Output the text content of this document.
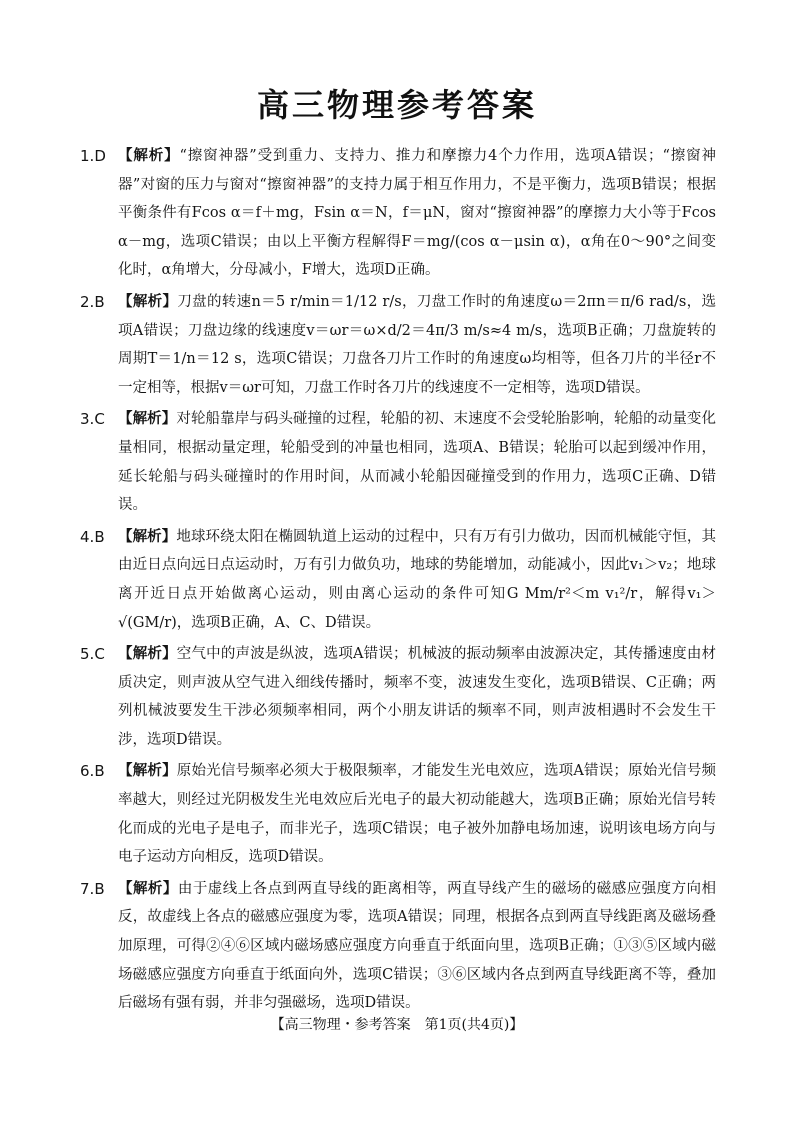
高三物理参考答案
1.D 【解析】“擦窗神器”受到重力、支持力、推力和摩擦力4个力作用，选项A错误；“擦窗神器”对窗的压力与窗对“擦窗神器”的支持力属于相互作用力，不是平衡力，选项B错误；根据平衡条件有Fcos α＝f＋mg，Fsin α＝N，f＝μN，窗对“擦窗神器”的摩擦力大小等于Fcos α－mg，选项C错误；由以上平衡方程解得F＝mg/(cos α－μsin α)，α角在0～90°之间变化时，α角增大，分母减小，F增大，选项D正确。
2.B 【解析】刀盘的转速n＝5 r/min＝1/12 r/s，刀盘工作时的角速度ω＝2πn＝π/6 rad/s，选项A错误；刀盘边缘的线速度v＝ωr＝ω×d/2＝4π/3 m/s≈4 m/s，选项B正确；刀盘旋转的周期T＝1/n＝12 s，选项C错误；刀盘各刀片工作时的角速度ω均相等，但各刀片的半径r不一定相等，根据v＝ωr可知，刀盘工作时各刀片的线速度不一定相等，选项D错误。
3.C 【解析】对轮船靠岸与码头碰撞的过程，轮船的初、末速度不会受轮胎影响，轮船的动量变化量相同，根据动量定理，轮船受到的冲量也相同，选项A、B错误；轮胎可以起到缓冲作用，延长轮船与码头碰撞时的作用时间，从而减小轮船因碰撞受到的作用力，选项C正确、D错误。
4.B 【解析】地球环绕太阳在椭圆轨道上运动的过程中，只有万有引力做功，因而机械能守恒，其由近日点向远日点运动时，万有引力做负功，地球的势能增加，动能减小，因此v₁＞v₂；地球离开近日点开始做离心运动，则由离心运动的条件可知G Mm/r²＜m v₁²/r，解得v₁＞√(GM/r)，选项B正确，A、C、D错误。
5.C 【解析】空气中的声波是纵波，选项A错误；机械波的振动频率由波源决定，其传播速度由材质决定，则声波从空气进入细线传播时，频率不变，波速发生变化，选项B错误、C正确；两列机械波要发生干涉必须频率相同，两个小朋友讲话的频率不同，则声波相遇时不会发生干涉，选项D错误。
6.B 【解析】原始光信号频率必须大于极限频率，才能发生光电效应，选项A错误；原始光信号频率越大，则经过光阴极发生光电效应后光电子的最大初动能越大，选项B正确；原始光信号转化而成的光电子是电子，而非光子，选项C错误；电子被外加静电场加速，说明该电场方向与电子运动方向相反，选项D错误。
7.B 【解析】由于虚线上各点到两直导线的距离相等，两直导线产生的磁场的磁感应强度方向相反，故虚线上各点的磁感应强度为零，选项A错误；同理，根据各点到两直导线距离及磁场叠加原理，可得②④⑥区域内磁场感应强度方向垂直于纸面向里，选项B正确；①③⑤区域内磁场磁感应强度方向垂直于纸面向外，选项C错误；③⑥区域内各点到两直导线距离不等，叠加后磁场有强有弱，并非匀强磁场，选项D错误。
【高三物理・参考答案　第1页(共4页)】
